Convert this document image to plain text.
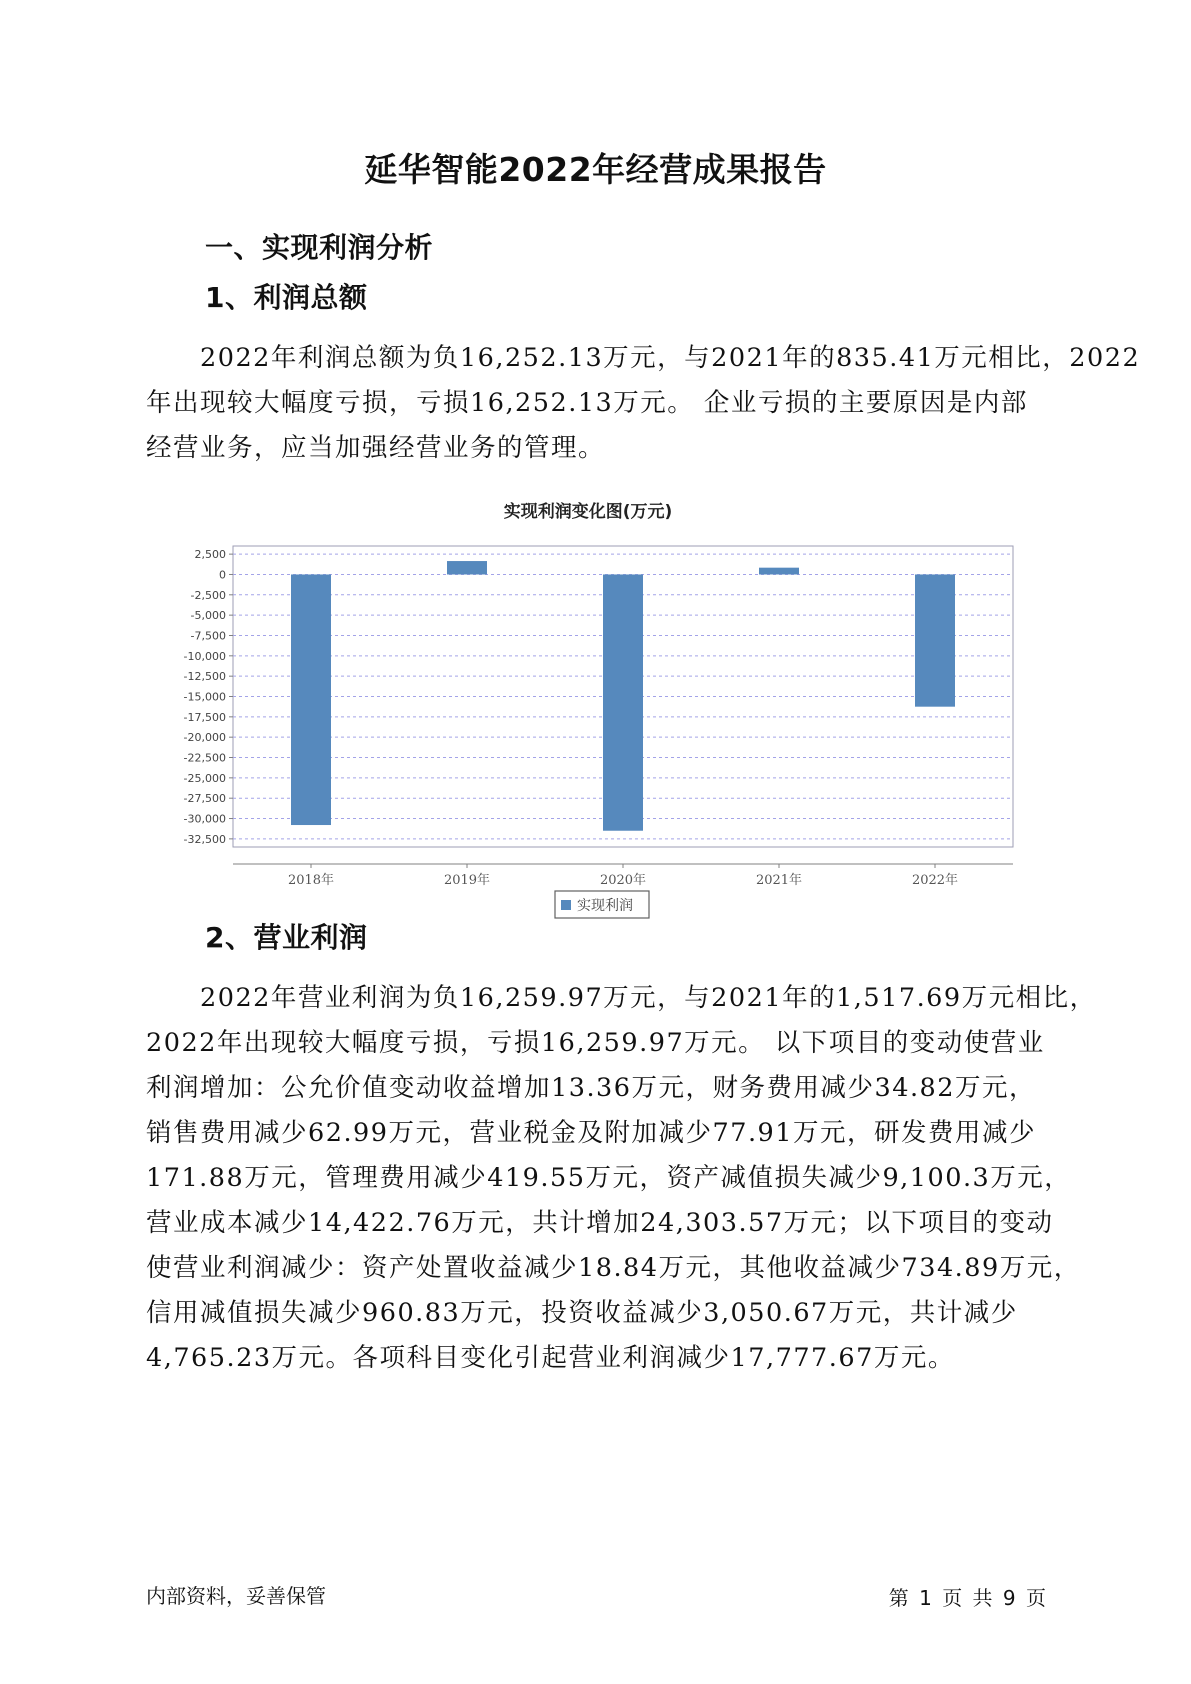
延华智能2022年经营成果报告
一、实现利润分析
1、利润总额

2022年利润总额为负16,252.13万元，与2021年的835.41万元相比，2022

年出现较大幅度亏损，亏损16,252.13万元。 企业亏损的主要原因是内部

经营业务，应当加强经营业务的管理。

实现利润变化图(万元)
2,500
0
-2,500
-5,000
-7,500
-10,000
-12,500
-15,000
-17,500
-20,000
-22,500
-25,000
-27,500
-30,000
-32,500
2018年	2019年	2020年	2021年	2022年
实现利润
2、营业利润

2022年营业利润为负16,259.97万元，与2021年的1,517.69万元相比，

2022年出现较大幅度亏损，亏损16,259.97万元。 以下项目的变动使营业

利润增加：公允价值变动收益增加13.36万元，财务费用减少34.82万元，

销售费用减少62.99万元，营业税金及附加减少77.91万元，研发费用减少

171.88万元，管理费用减少419.55万元，资产减值损失减少9,100.3万元，

营业成本减少14,422.76万元，共计增加24,303.57万元；以下项目的变动

使营业利润减少：资产处置收益减少18.84万元，其他收益减少734.89万元，

信用减值损失减少960.83万元，投资收益减少3,050.67万元，共计减少

4,765.23万元。各项科目变化引起营业利润减少17,777.67万元。

内部资料，妥善保管	第 1 页 共 9 页
